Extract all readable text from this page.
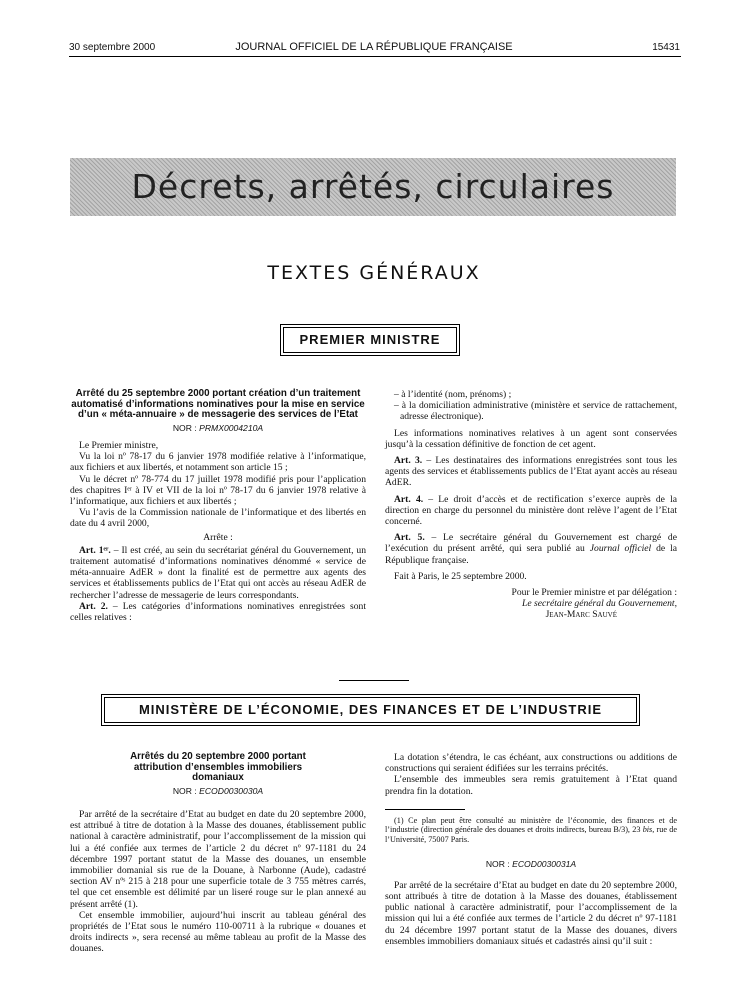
30 septembre 2000	JOURNAL OFFICIEL DE LA RÉPUBLIQUE FRANÇAISE	15431
Décrets, arrêtés, circulaires
TEXTES GÉNÉRAUX
PREMIER MINISTRE

Arrêté du 25 septembre 2000 portant création d’un traitement automatisé d’informations nominatives pour la mise en service d’un « méta-annuaire » de messagerie des services de l’Etat

NOR : PRMX0004210A

Le Premier ministre,

Vu la loi nº 78-17 du 6 janvier 1978 modifiée relative à l’informatique, aux fichiers et aux libertés, et notamment son article 15 ;

Vu le décret nº 78-774 du 17 juillet 1978 modifié pris pour l’application des chapitres Iᵉʳ à IV et VII de la loi nº 78-17 du 6 janvier 1978 relative à l’informatique, aux fichiers et aux libertés ;

Vu l’avis de la Commission nationale de l’informatique et des libertés en date du 4 avril 2000,

Arrête :

Art. 1ᵉʳ. – Il est créé, au sein du secrétariat général du Gouvernement, un traitement automatisé d’informations nominatives dénommé « service de méta-annuaire AdER » dont la finalité est de permettre aux agents des services et établissements publics de l’Etat qui ont accès au réseau AdER de rechercher l’adresse de messagerie de leurs correspondants.

Art. 2. – Les catégories d’informations nominatives enregistrées sont celles relatives :

– à l’identité (nom, prénoms) ;

– à la domiciliation administrative (ministère et service de rattachement, adresse électronique).

Les informations nominatives relatives à un agent sont conservées jusqu’à la cessation définitive de fonction de cet agent.

Art. 3. – Les destinataires des informations enregistrées sont tous les agents des services et établissements publics de l’Etat ayant accès au réseau AdER.

Art. 4. – Le droit d’accès et de rectification s’exerce auprès de la direction en charge du personnel du ministère dont relève l’agent de l’Etat concerné.

Art. 5. – Le secrétaire général du Gouvernement est chargé de l’exécution du présent arrêté, qui sera publié au Journal officiel de la République française.

Fait à Paris, le 25 septembre 2000.

Pour le Premier ministre et par délégation :

Le secrétaire général du Gouvernement,

Jean-Marc Sauvé

MINISTÈRE DE L’ÉCONOMIE, DES FINANCES ET DE L’INDUSTRIE

Arrêtés du 20 septembre 2000 portant attribution d’ensembles immobiliers domaniaux

NOR : ECOD0030030A

Par arrêté de la secrétaire d’Etat au budget en date du 20 septembre 2000, est attribué à titre de dotation à la Masse des douanes, établissement public national à caractère administratif, pour l’accomplissement de la mission qui lui a été confiée aux termes de l’article 2 du décret nº 97-1181 du 24 décembre 1997 portant statut de la Masse des douanes, un ensemble immobilier domanial sis rue de la Douane, à Narbonne (Aude), cadastré section AV nºˢ 215 à 218 pour une superficie totale de 3 755 mètres carrés, tel que cet ensemble est délimité par un liseré rouge sur le plan annexé au présent arrêté (1).

Cet ensemble immobilier, aujourd’hui inscrit au tableau général des propriétés de l’Etat sous le numéro 110-00711 à la rubrique « douanes et droits indirects », sera recensé au même tableau au profit de la Masse des douanes.

La dotation s’étendra, le cas échéant, aux constructions ou additions de constructions qui seraient édifiées sur les terrains précités.

L’ensemble des immeubles sera remis gratuitement à l’Etat quand prendra fin la dotation.

(1) Ce plan peut être consulté au ministère de l’économie, des finances et de l’industrie (direction générale des douanes et droits indirects, bureau B/3), 23 bis, rue de l’Université, 75007 Paris.

NOR : ECOD0030031A

Par arrêté de la secrétaire d’Etat au budget en date du 20 septembre 2000, sont attribués à titre de dotation à la Masse des douanes, établissement public national à caractère administratif, pour l’accomplissement de la mission qui lui a été confiée aux termes de l’article 2 du décret nº 97-1181 du 24 décembre 1997 portant statut de la Masse des douanes, divers ensembles immobiliers domaniaux situés et cadastrés ainsi qu’il suit :
